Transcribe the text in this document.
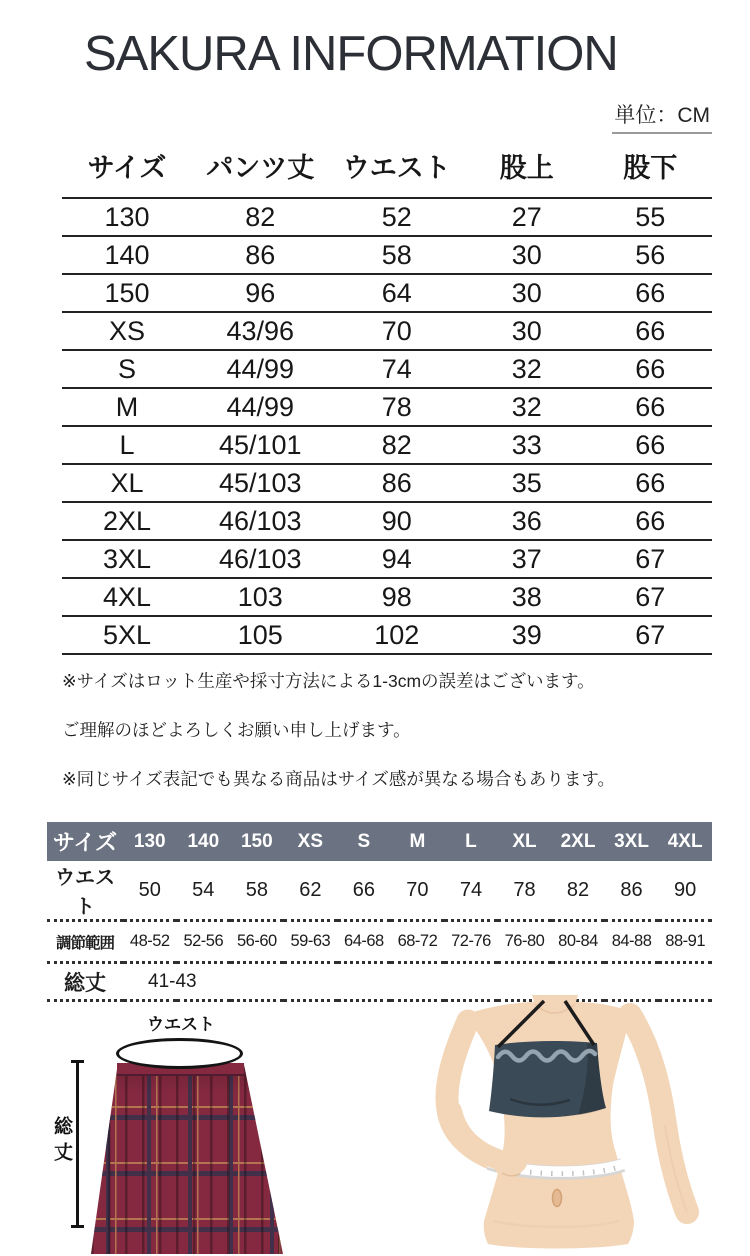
SAKURA INFORMATION
単位：CM
サイズ	パンツ丈	ウエスト	股上	股下
130	82	52	27	55
140	86	58	30	56
150	96	64	30	66
XS	43/96	70	30	66
S	44/99	74	32	66
M	44/99	78	32	66
L	45/101	82	33	66
XL	45/103	86	35	66
2XL	46/103	90	36	66
3XL	46/103	94	37	67
4XL	103	98	38	67
5XL	105	102	39	67

※サイズはロット生産や採寸方法による1-3cmの誤差はございます。

ご理解のほどよろしくお願い申し上げます。

※同じサイズ表記でも異なる商品はサイズ感が異なる場合もあります。

サイズ	130	140	150	XS	S	M	L	XL	2XL	3XL	4XL
ウエスト	50	54	58	62	66	70	74	78	82	86	90
調節範囲	48-52	52-56	56-60	59-63	64-68	68-72	72-76	76-80	80-84	84-88	88-91
総丈	41-43										
ウエスト
総丈
